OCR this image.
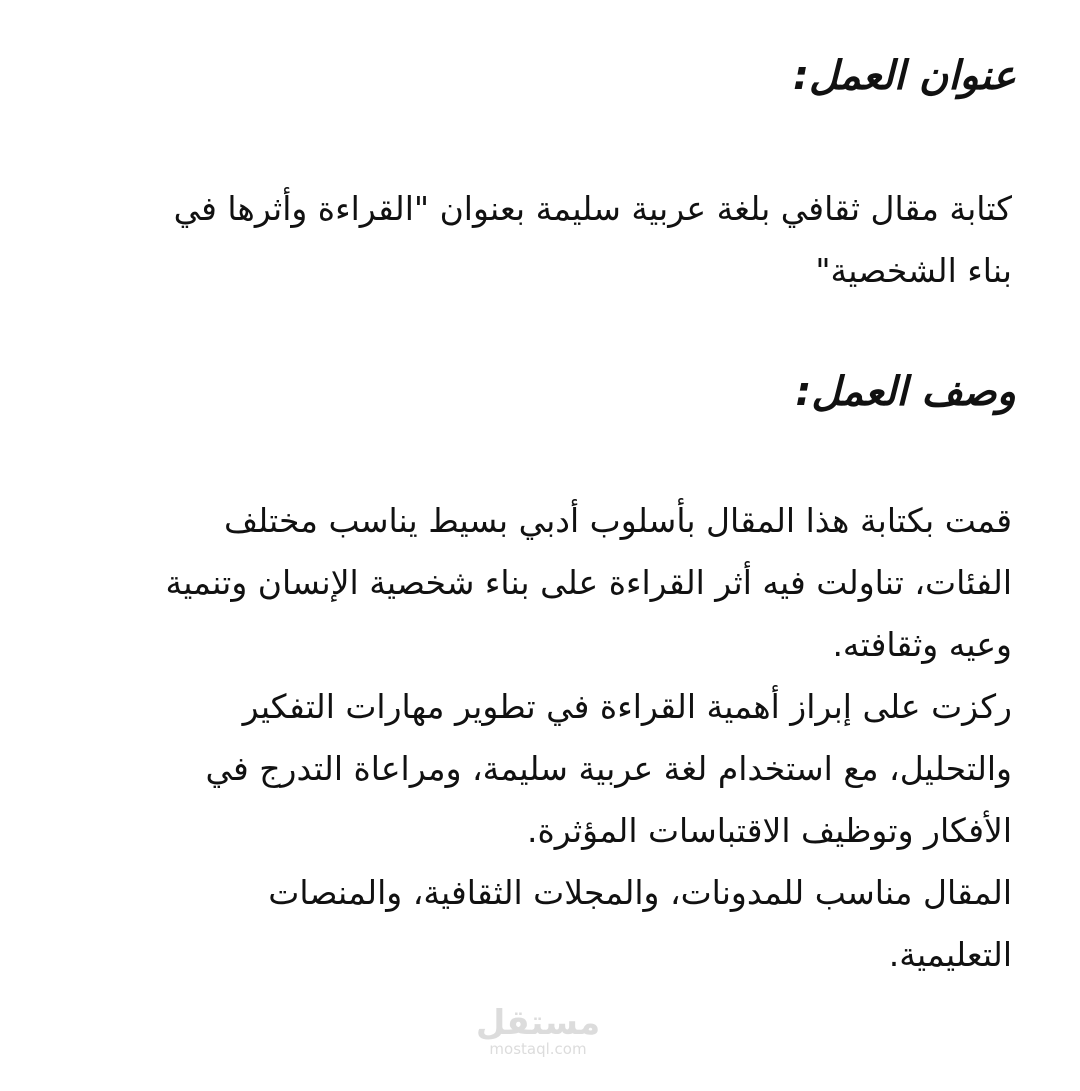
عنوان العمل:

كتابة مقال ثقافي بلغة عربية سليمة بعنوان "القراءة وأثرها في
بناء الشخصية"

وصف العمل:

قمت بكتابة هذا المقال بأسلوب أدبي بسيط يناسب مختلف
الفئات، تناولت فيه أثر القراءة على بناء شخصية الإنسان وتنمية
وعيه وثقافته.
ركزت على إبراز أهمية القراءة في تطوير مهارات التفكير
والتحليل، مع استخدام لغة عربية سليمة، ومراعاة التدرج في
الأفكار وتوظيف الاقتباسات المؤثرة.
المقال مناسب للمدونات، والمجلات الثقافية، والمنصات
التعليمية.

مستقل
mostaql.com
